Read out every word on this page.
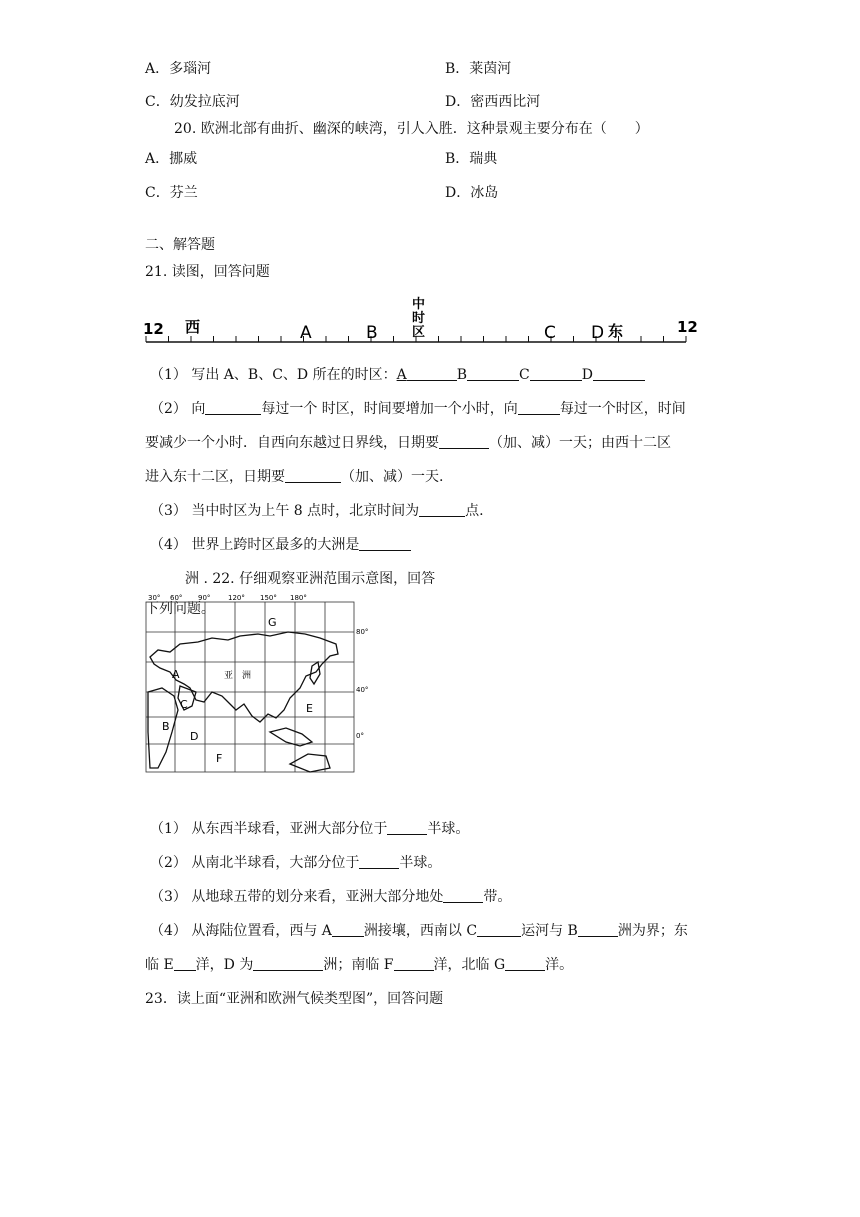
A．多瑙河	B．莱茵河
C．幼发拉底河	D．密西西比河
20. 欧洲北部有曲折、幽深的峡湾，引人入胜．这种景观主要分布在（　　）
A．挪威	B．瑞典
C．芬兰	D．冰岛
二、解答题
21. 读图，回答问题
12	12
西	A	B
中
时
区	C D 东
（1） 写出 A、B、C、D 所在的时区：A	B	C	D
（2） 向	每过一个 时区，时间要增加一个小时，向	每过一个时区，时间
要减少一个小时．自西向东越过日界线，日期要	（加、减）一天；由西十二区
进入东十二区，日期要	（加、减）一天.
（3） 当中时区为上午 8 点时，北京时间为	点.
（4） 世界上跨时区最多的大洲是
洲 . 22. 仔细观察亚洲范围示意图，回答
下列问题。
30° 60° 90°	120° 150° 180°
80°
40°
0°
A
B
C
D
E
F
G
亚　洲
（1） 从东西半球看，亚洲大部分位于	半球。
（2） 从南北半球看，大部分位于	半球。
（3） 从地球五带的划分来看，亚洲大部分地处	带。
（4） 从海陆位置看，西与 A 洲接壤，西南以 C	运河与 B	洲为界；东
临 E 洋，D 为	洲；南临 F	洋，北临 G	洋。
23．读上面“亚洲和欧洲气候类型图”，回答问题
